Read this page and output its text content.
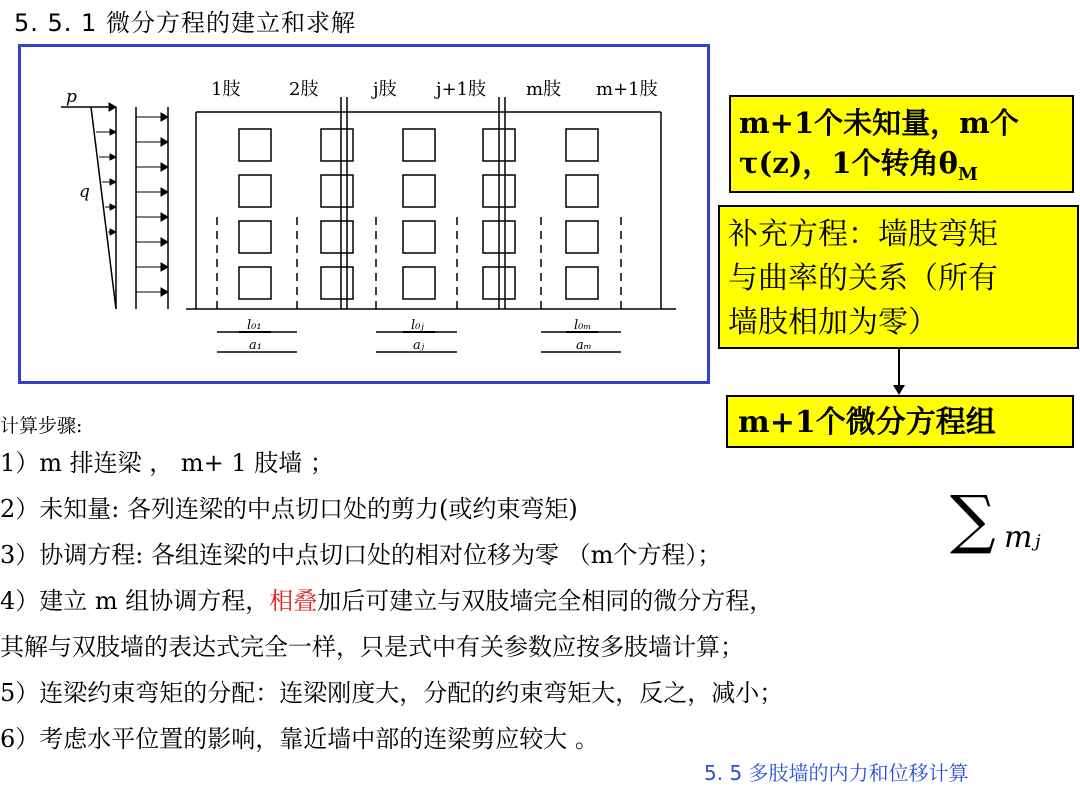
5. 5. 1 微分方程的建立和求解
p
q
1肢	2肢	j肢 j+1肢 m肢 m+1肢
l₀₁
a₁
l₀ⱼ
aⱼ
l₀ₘ
aₘ
m+1个未知量，m个
τ(z)，1个转角$\theta_M$
补充方程：墙肢弯矩
与曲率的关系（所有
墙肢相加为零）
m+1个微分方程组
计算步骤:
1）m 排连梁 ， m+ 1 肢墙 ；
2）未知量: 各列连梁的中点切口处的剪力(或约束弯矩)
3）协调方程: 各组连梁的中点切口处的相对位移为零 （m个方程）；
4）建立 m 组协调方程，相叠加后可建立与双肢墙完全相同的微分方程，
其解与双肢墙的表达式完全一样，只是式中有关参数应按多肢墙计算；
5）连梁约束弯矩的分配：连梁刚度大，分配的约束弯矩大，反之，减小；
6）考虑水平位置的影响，靠近墙中部的连梁剪应较大 。
∑ mⱼ
5. 5 多肢墙的内力和位移计算
